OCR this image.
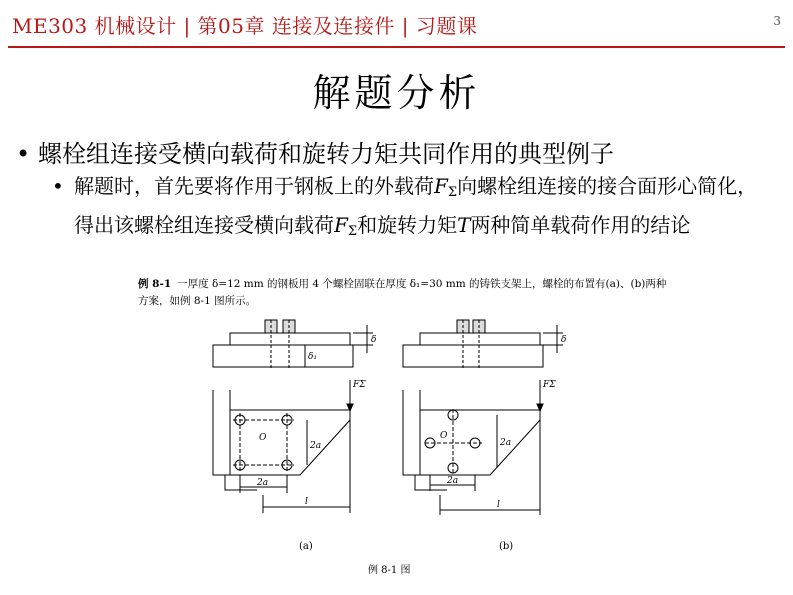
ME303 机械设计 | 第05章 连接及连接件 | 习题课	3
解题分析
• 螺栓组连接受横向载荷和旋转力矩共同作用的典型例子
• 解题时，首先要将作用于钢板上的外载荷$F_\Sigma$向螺栓组连接的接合面形心简化，得出该螺栓组连接受横向载荷$F_\Sigma$和旋转力矩T两种简单载荷作用的结论
例 8-1 一厚度 δ=12 mm 的钢板用 4 个螺栓固联在厚度 δ₁=30 mm 的铸铁支架上，螺栓的布置有(a)、(b)两种方案，如例 8-1 图所示。
δ
δ₁
FΣ
O
2a
2a
l
δ
FΣ
O
2a
2a
l
(a)	(b)
例 8-1 图
